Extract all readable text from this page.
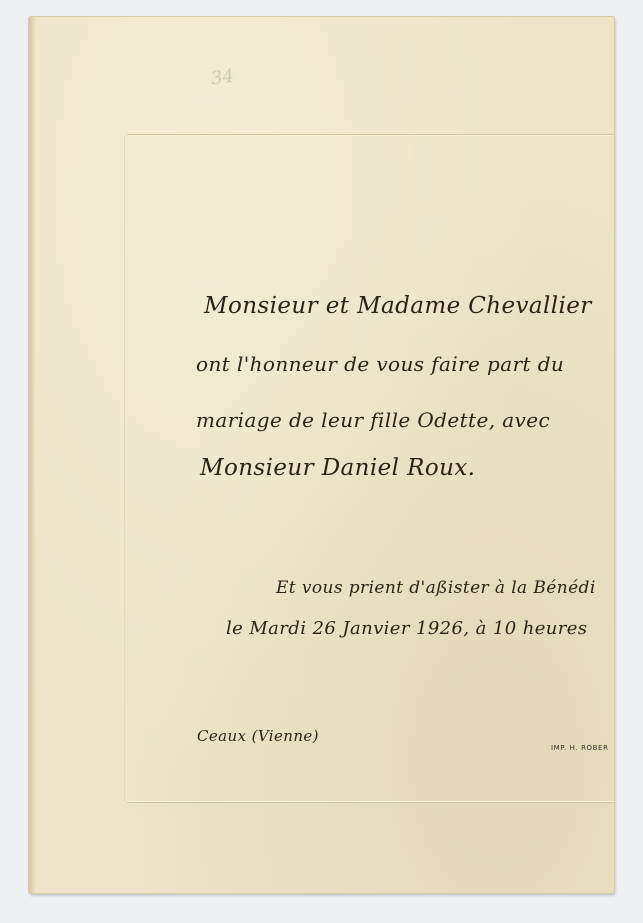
34
Monsieur et Madame Chevallier
ont l'honneur de vous faire part du
mariage de leur fille Odette, avec
Monsieur Daniel Roux.
Et vous prient d'aßister à la Bénédi
le Mardi 26 Janvier 1926, à 10 heures
Ceaux (Vienne)
IMP. H. ROBER
